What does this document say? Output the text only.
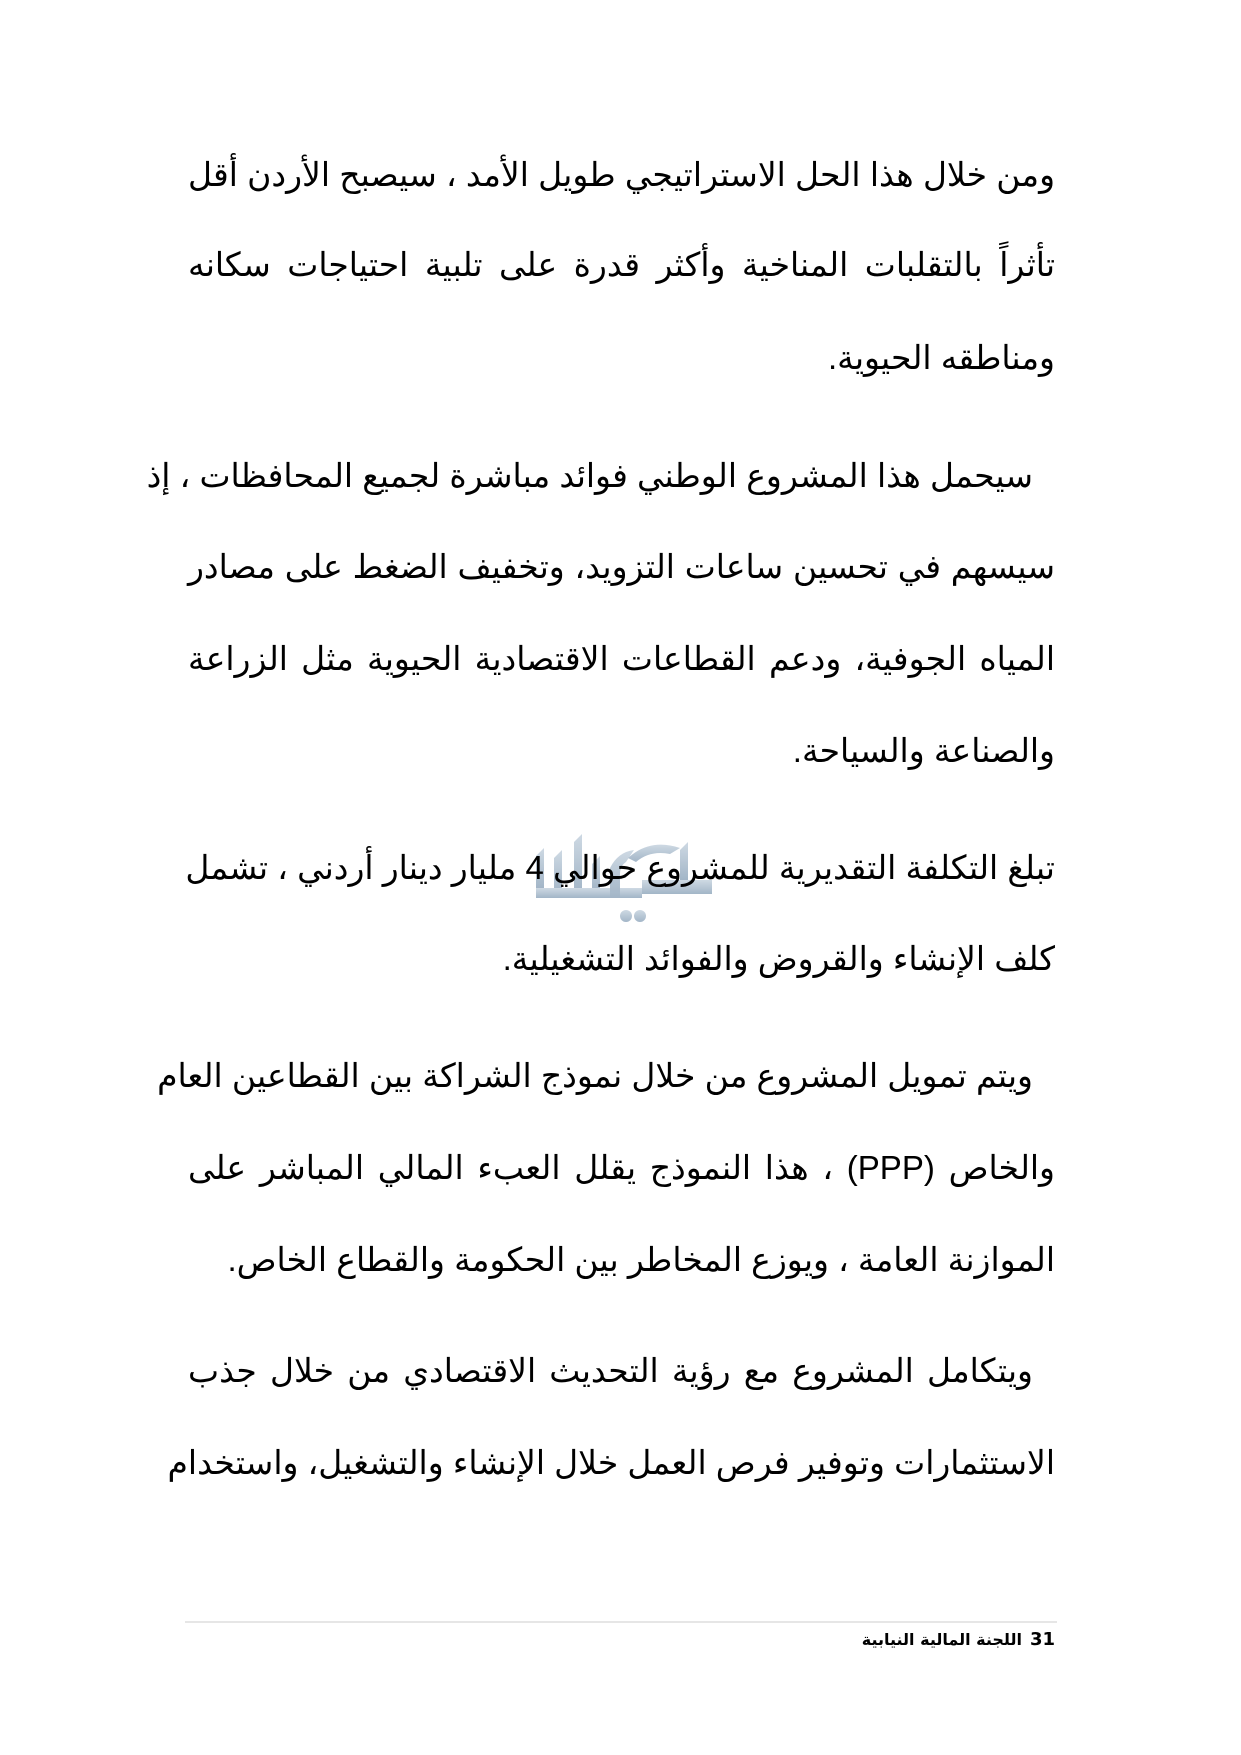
ومن خلال هذا الحل الاستراتيجي طويل الأمد ، سيصبح الأردن أقل
تأثراً بالتقلبات المناخية وأكثر قدرة على تلبية احتياجات سكانه
ومناطقه الحيوية.
سيحمل هذا المشروع الوطني فوائد مباشرة لجميع المحافظات ، إذ
سيسهم في تحسين ساعات التزويد، وتخفيف الضغط على مصادر
المياه الجوفية، ودعم القطاعات الاقتصادية الحيوية مثل الزراعة
والصناعة والسياحة.
تبلغ التكلفة التقديرية للمشروع حوالي 4 مليار دينار أردني ، تشمل
كلف الإنشاء والقروض والفوائد التشغيلية.
ويتم تمويل المشروع من خلال نموذج الشراكة بين القطاعين العام
والخاص (PPP) ، هذا النموذج يقلل العبء المالي المباشر على
الموازنة العامة ، ويوزع المخاطر بين الحكومة والقطاع الخاص.
ويتكامل المشروع مع رؤية التحديث الاقتصادي من خلال جذب
الاستثمارات وتوفير فرص العمل خلال الإنشاء والتشغيل، واستخدام
31اللجنة المالية النيابية
